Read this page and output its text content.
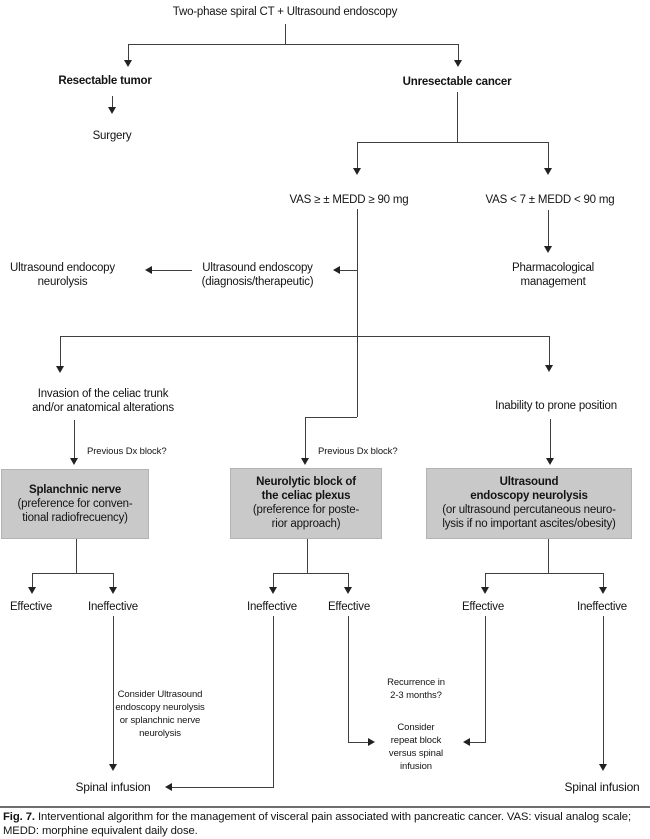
Two-phase spiral CT + Ultrasound endoscopy
Resectable tumor
Surgery
Unresectable cancer
VAS ≥ ± MEDD ≥ 90 mg	VAS < 7 ± MEDD < 90 mg
Ultrasound endoscopy
(diagnosis/therapeutic)
Ultrasound endocopy
neurolysis
Pharmacological
management
Invasion of the celiac trunk
and/or anatomical alterations	Inability to prone position
Previous Dx block?	Previous Dx block?
Splanchnic nerve
(preference for conven-
tional radiofrecuency)
Neurolytic block of
the celiac plexus
(preference for poste-
rior approach)
Ultrasound
endoscopy neurolysis
(or ultrasound percutaneous neuro-
lysis if no important ascites/obesity)
Effective	Ineffective	Ineffective	Effective	Effective	Ineffective
Consider Ultrasound
endoscopy neurolysis
or splanchnic nerve
neurolysis
Recurrence in
2-3 months?
Consider
repeat block
versus spinal
infusion
Spinal infusion	Spinal infusion
Fig. 7. Interventional algorithm for the management of visceral pain associated with pancreatic cancer. VAS: visual analog scale; MEDD: morphine equivalent daily dose.
